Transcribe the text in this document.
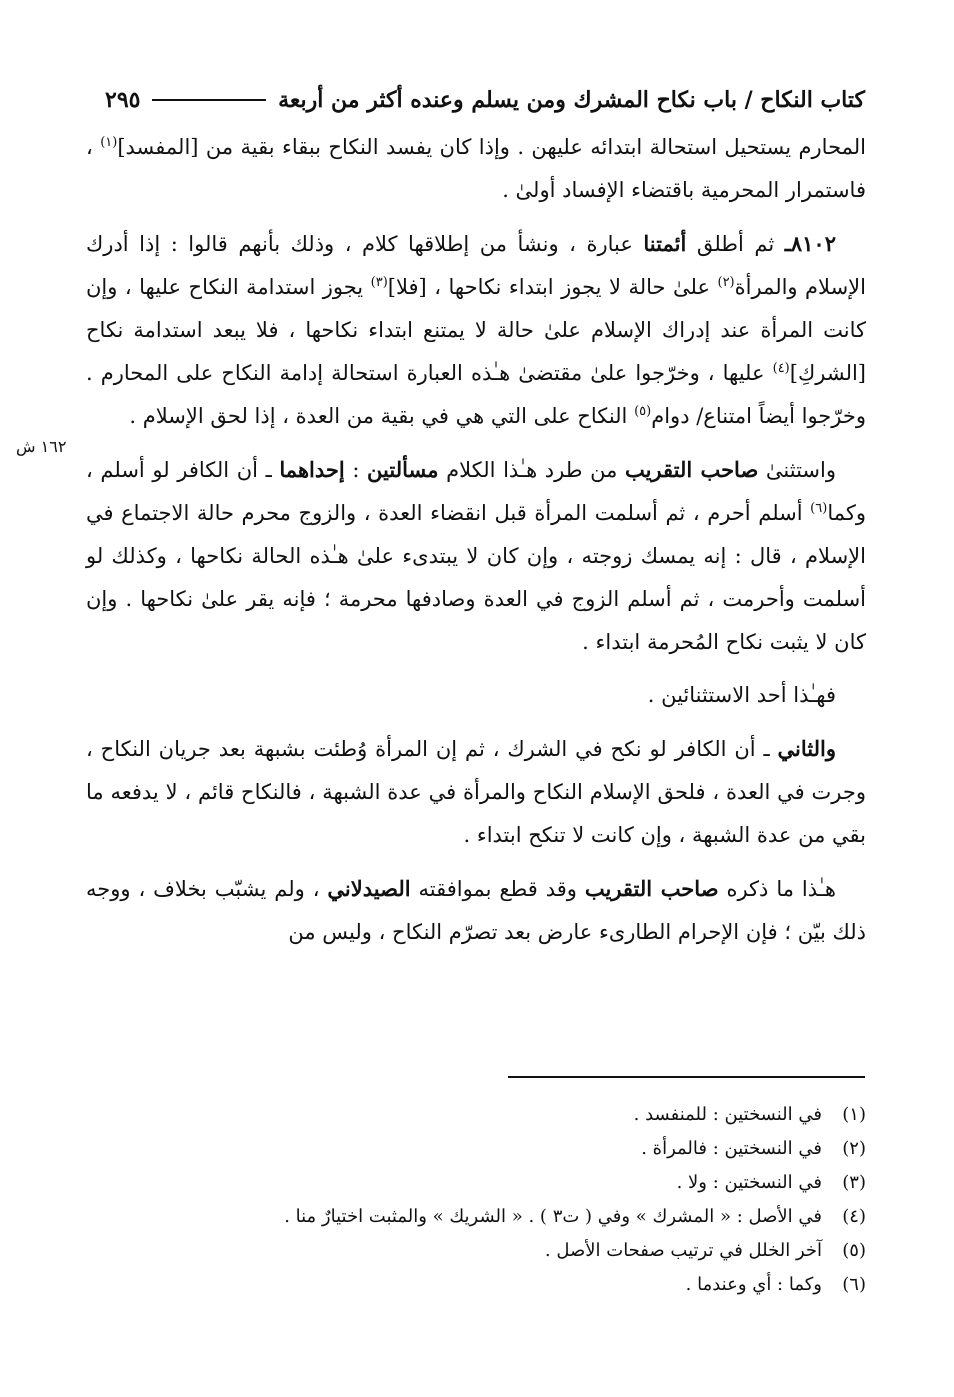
كتاب النكاح / باب نكاح المشرك ومن يسلم وعنده أكثر من أربعة
٢٩٥
١٦٢ ش

المحارم يستحيل استحالة ابتدائه عليهن . وإذا كان يفسد النكاح ببقاء بقية من [المفسد]$^{(١)}$ ، فاستمرار المحرمية باقتضاء الإفساد أولىٰ .

٨١٠٢ـ ثم أطلق أئمتنا عبارة ، ونشأ من إطلاقها كلام ، وذلك بأنهم قالوا : إذا أدرك الإسلام والمرأة$^{(٢)}$ علىٰ حالة لا يجوز ابتداء نكاحها ، [فلا]$^{(٣)}$ يجوز استدامة النكاح عليها ، وإن كانت المرأة عند إدراك الإسلام علىٰ حالة لا يمتنع ابتداء نكاحها ، فلا يبعد استدامة نكاح [الشركِ]$^{(٤)}$ عليها ، وخرّجوا علىٰ مقتضىٰ هـٰذه العبارة استحالة إدامة النكاح على المحارم . وخرّجوا أيضاً امتناع/ دوام$^{(٥)}$ النكاح على التي هي في بقية من العدة ، إذا لحق الإسلام .

واستثنىٰ صاحب التقريب من طرد هـٰذا الكلام مسألتين : إحداهما ـ أن الكافر لو أسلم ، وكما$^{(٦)}$ أسلم أحرم ، ثم أسلمت المرأة قبل انقضاء العدة ، والزوج محرم حالة الاجتماع في الإسلام ، قال : إنه يمسك زوجته ، وإن كان لا يبتدىء علىٰ هـٰذه الحالة نكاحها ، وكذلك لو أسلمت وأحرمت ، ثم أسلم الزوج في العدة وصادفها محرمة ؛ فإنه يقر علىٰ نكاحها . وإن كان لا يثبت نكاح المُحرمة ابتداء .

فهـٰذا أحد الاستثنائين .

والثاني ـ أن الكافر لو نكح في الشرك ، ثم إن المرأة وُطئت بشبهة بعد جريان النكاح ، وجرت في العدة ، فلحق الإسلام النكاح والمرأة في عدة الشبهة ، فالنكاح قائم ، لا يدفعه ما بقي من عدة الشبهة ، وإن كانت لا تنكح ابتداء .

هـٰذا ما ذكره صاحب التقريب وقد قطع بموافقته الصيدلاني ، ولم يشبّب بخلاف ، ووجه ذلك بيّن ؛ فإن الإحرام الطارىء عارض بعد تصرّم النكاح ، وليس من

(١)
في النسختين : للمنفسد .
(٢)
في النسختين : فالمرأة .
(٣)
في النسختين : ولا .
(٤)
في الأصل : « المشرك » وفي ( ت٣ ) . « الشريك » والمثبت اختيارٌ منا .
(٥)
آخر الخلل في ترتيب صفحات الأصل .
(٦)
وكما : أي وعندما .
